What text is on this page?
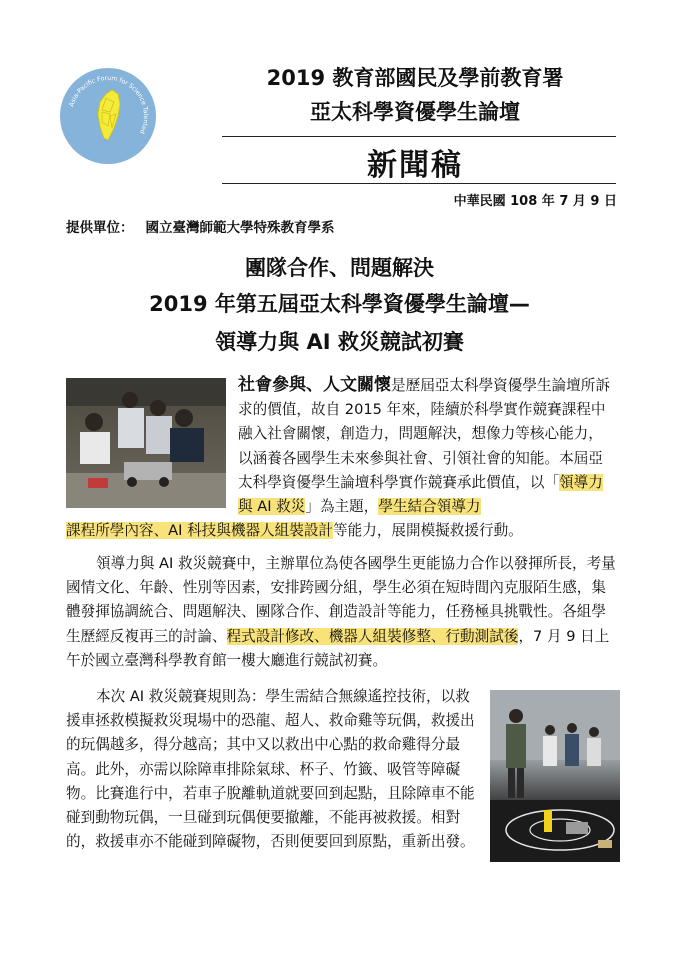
Asia-Pacific Forum for Science Talented
2019 教育部國民及學前教育署
亞太科學資優學生論壇
新聞稿
中華民國 108 年 7 月 9 日
提供單位： 國立臺灣師範大學特殊教育學系
團隊合作、問題解決
2019 年第五屆亞太科學資優學生論壇—
領導力與 AI 救災競試初賽
社會參與、人文關懷是歷屆亞太科學資優學生論壇所訴求的價值，故自 2015 年來，陸續於科學實作競賽課程中融入社會關懷，創造力，問題解決，想像力等核心能力，以涵養各國學生未來參與社會、引領社會的知能。本屆亞太科學資優學生論壇科學實作競賽承此價值，以「領導力與 AI 救災」為主題，學生結合領導力
課程所學內容、AI 科技與機器人組裝設計等能力，展開模擬救援行動。
領導力與 AI 救災競賽中，主辦單位為使各國學生更能協力合作以發揮所長，考量國情文化、年齡、性別等因素，安排跨國分組，學生必須在短時間內克服陌生感，集體發揮協調統合、問題解決、團隊合作、創造設計等能力，任務極具挑戰性。各組學生歷經反複再三的討論、程式設計修改、機器人組裝修整、行動測試後，7 月 9 日上午於國立臺灣科學教育館一樓大廳進行競試初賽。
本次 AI 救災競賽規則為：學生需結合無線遙控技術，以救援車拯救模擬救災現場中的恐龍、超人、救命雞等玩偶，救援出的玩偶越多，得分越高；其中又以救出中心點的救命雞得分最高。此外，亦需以除障車排除氣球、杯子、竹籤、吸管等障礙物。比賽進行中，若車子脫離軌道就要回到起點，且除障車不能碰到動物玩偶，一旦碰到玩偶便要撤離，不能再被救援。相對的，救援車亦不能碰到障礙物，否則便要回到原點，重新出發。
